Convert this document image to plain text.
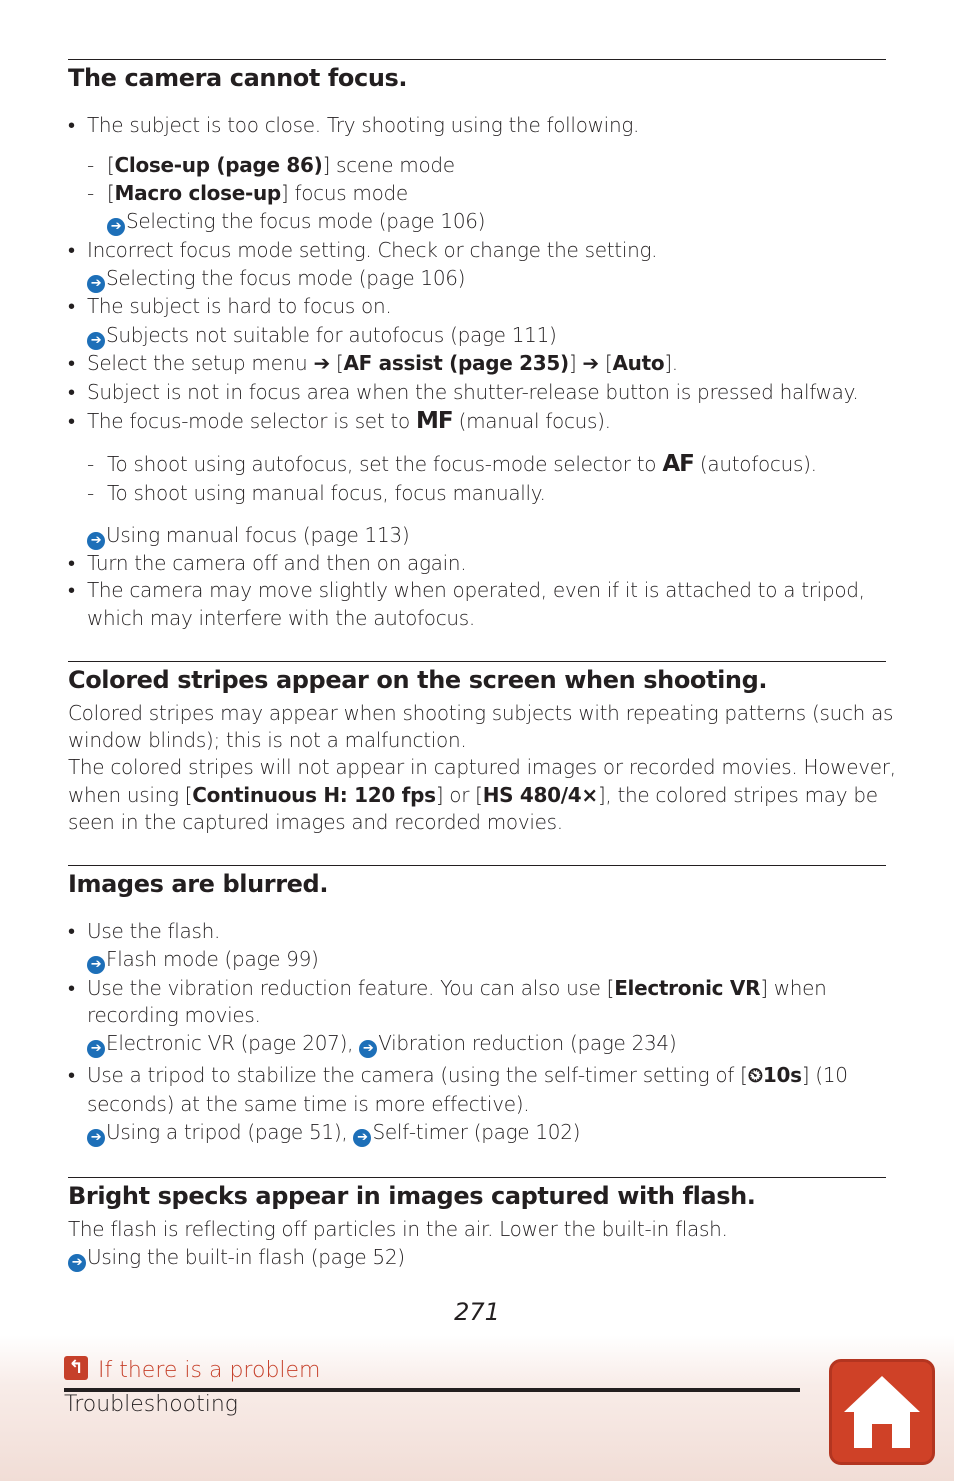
The camera cannot focus.
• The subject is too close. Try shooting using the following.
- [Close-up (page 86)] scene mode
- [Macro close-up] focus mode
➔ Selecting the focus mode (page 106)
• Incorrect focus mode setting. Check or change the setting.
➔ Selecting the focus mode (page 106)
• The subject is hard to focus on.
➔ Subjects not suitable for autofocus (page 111)
• Select the setup menu ➔ [AF assist (page 235)] ➔ [Auto].
• Subject is not in focus area when the shutter-release button is pressed halfway.
• The focus-mode selector is set to MF (manual focus).
- To shoot using autofocus, set the focus-mode selector to AF (autofocus).
- To shoot using manual focus, focus manually.
➔ Using manual focus (page 113)
• Turn the camera off and then on again.
• The camera may move slightly when operated, even if it is attached to a tripod,
which may interfere with the autofocus.
Colored stripes appear on the screen when shooting.
Colored stripes may appear when shooting subjects with repeating patterns (such as
window blinds); this is not a malfunction.
The colored stripes will not appear in captured images or recorded movies. However,
when using [Continuous H: 120 fps] or [HS 480/4×], the colored stripes may be
seen in the captured images and recorded movies.
Images are blurred.
• Use the flash.
➔ Flash mode (page 99)
• Use the vibration reduction feature. You can also use [Electronic VR] when
recording movies.
➔ Electronic VR (page 207), ➔ Vibration reduction (page 234)
• Use a tripod to stabilize the camera (using the self-timer setting of [⏲10s] (10
seconds) at the same time is more effective).
➔ Using a tripod (page 51), ➔ Self-timer (page 102)
Bright specks appear in images captured with flash.
The flash is reflecting off particles in the air. Lower the built-in flash.
➔ Using the built-in flash (page 52)
271
↰ If there is a problem
Troubleshooting
